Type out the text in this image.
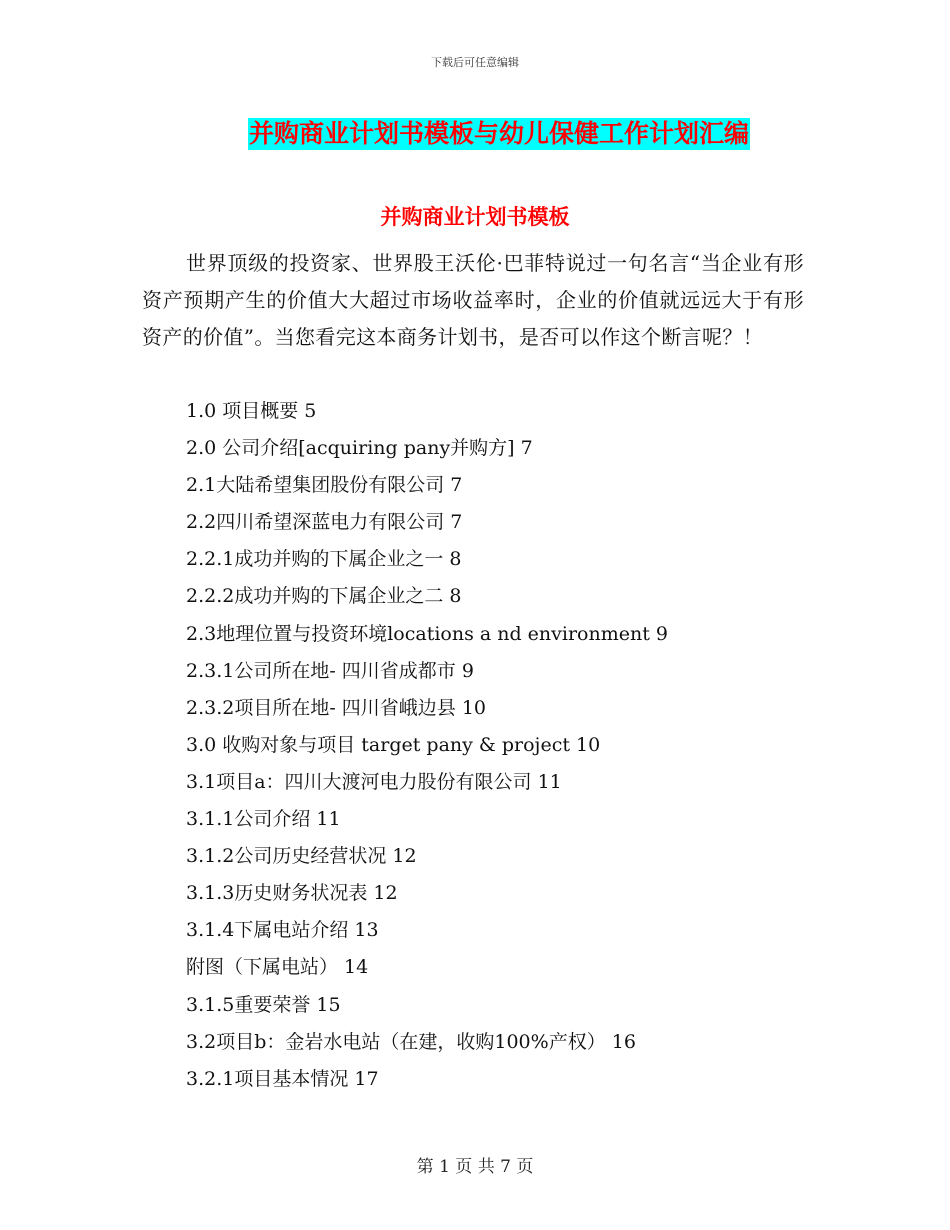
下载后可任意编辑
并购商业计划书模板与幼儿保健工作计划汇编
并购商业计划书模板

世界顶级的投资家、世界股王沃伦·巴菲特说过一句名言“当企业有形资产预期产生的价值大大超过市场收益率时，企业的价值就远远大于有形资产的价值”。当您看完这本商务计划书，是否可以作这个断言呢？！

1.0 项目概要 5
2.0 公司介绍[acquiring pany并购方] 7
2.1大陆希望集团股份有限公司 7
2.2四川希望深蓝电力有限公司 7
2.2.1成功并购的下属企业之一 8
2.2.2成功并购的下属企业之二 8
2.3地理位置与投资环境locations a nd environment 9
2.3.1公司所在地- 四川省成都市 9
2.3.2项目所在地- 四川省峨边县 10
3.0 收购对象与项目 target pany & project 10
3.1项目a：四川大渡河电力股份有限公司 11
3.1.1公司介绍 11
3.1.2公司历史经营状况 12
3.1.3历史财务状况表 12
3.1.4下属电站介绍 13
附图（下属电站） 14
3.1.5重要荣誉 15
3.2项目b：金岩水电站（在建，收购100%产权） 16
3.2.1项目基本情况 17
第 1 页 共 7 页
